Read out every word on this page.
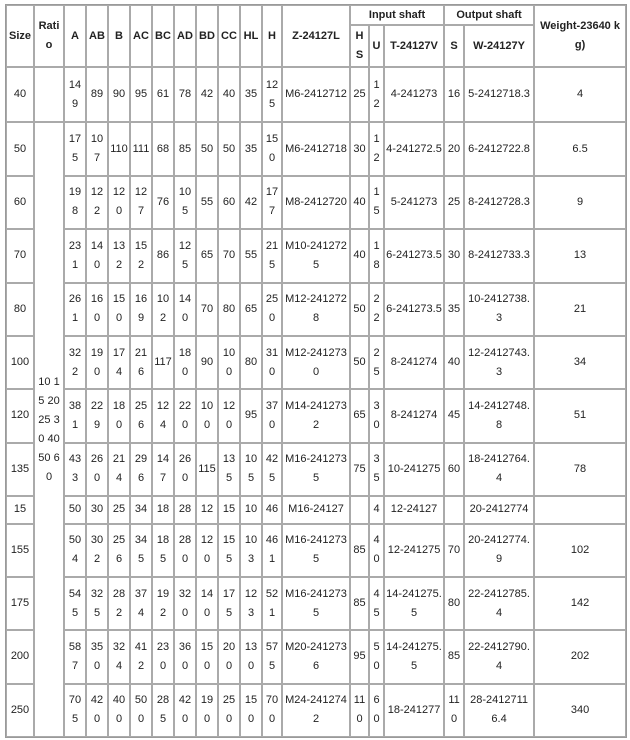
Size	Ratio	A	AB	B	AC	BC	AD	BD	CC	HL	H	Z-24127L	Input shaft			Output shaft		Weight-23640 kg)
													HS	U	T-24127V	S	W-24127Y	
40		149	89	90	95	61	78	42	40	35	125	M6-2412712	25	12	4-241273	16	5-2412718.3	4
50	10 15 20 25 30 40 50 60	175	107	110	111	68	85	50	50	35	150	M6-2412718	30	12	4-241272.5	20	6-2412722.8	6.5
60		198	122	120	127	76	105	55	60	42	177	M8-2412720	40	15	5-241273	25	8-2412728.3	9
70		231	140	132	152	86	125	65	70	55	215	M10-2412725	40	18	6-241273.5	30	8-2412733.3	13
80		261	160	150	169	102	140	70	80	65	250	M12-2412728	50	22	6-241273.5	35	10-2412738.3	21
100		322	190	174	216	117	180	90	100	80	310	M12-2412730	50	25	8-241274	40	12-2412743.3	34
120		381	229	180	256	124	220	100	120	95	370	M14-2412732	65	30	8-241274	45	14-2412748.8	51
135		433	260	214	296	147	260	115	135	105	425	M16-2412735	75	35	10-241275	60	18-2412764.4	78
15		50	30	25	34	18	28	12	15	10	46	M16-24127		4	12-24127		20-2412774	
155		504	302	256	345	185	280	120	155	103	461	M16-2412735	85	40	12-241275	70	20-2412774.9	102
175		545	325	282	374	192	320	140	175	123	521	M16-2412735	85	45	14-241275.5	80	22-2412785.4	142
200		587	350	324	412	230	360	150	200	130	575	M20-2412736	95	50	14-241275.5	85	22-2412790.4	202
250		705	420	400	500	285	420	190	250	150	700	M24-2412742	110	60	18-241277	110	28-24127116.4	340
